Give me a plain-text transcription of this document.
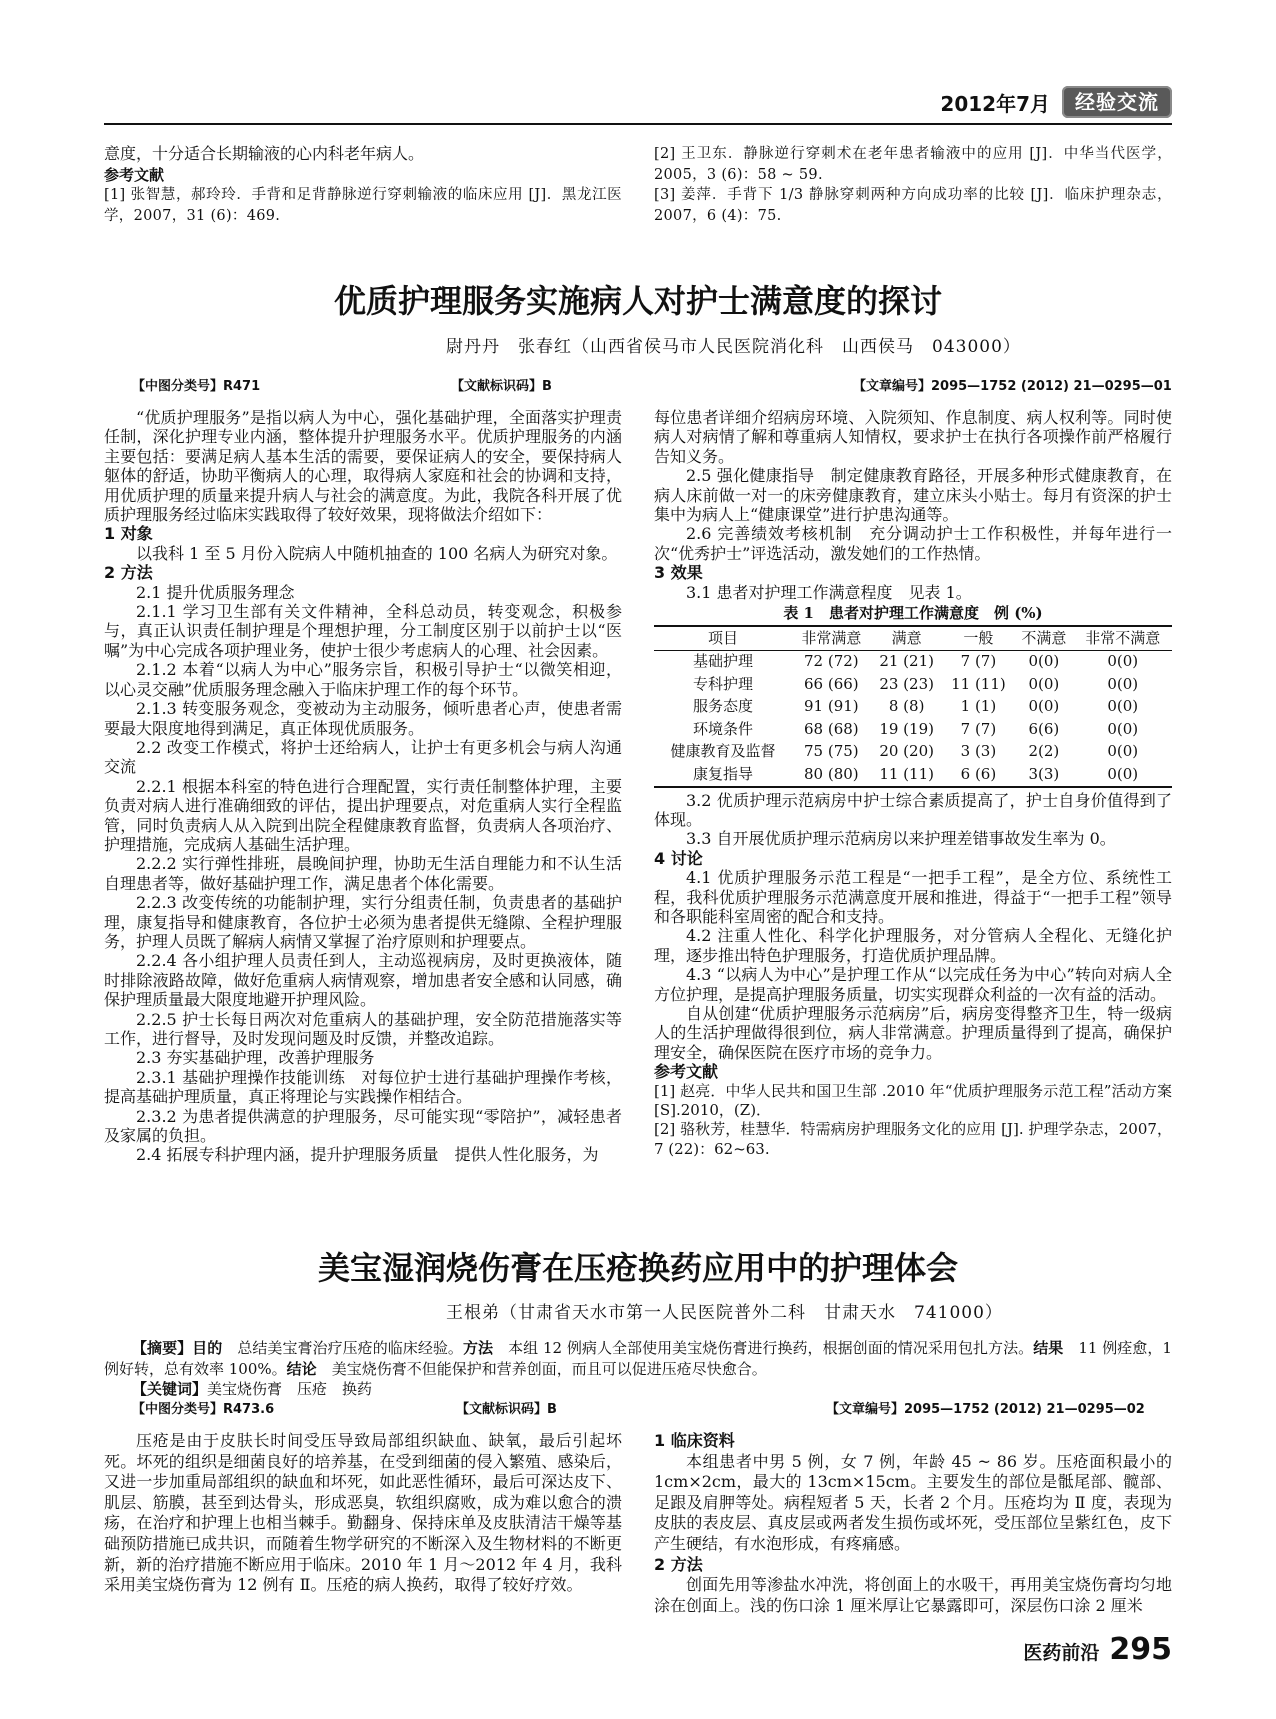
2012年7月	经验交流

意度，十分适合长期输液的心内科老年病人。

参考文献

[1] 张智慧，郝玲玲．手背和足背静脉逆行穿刺输液的临床应用 [J]．黑龙江医学，2007，31 (6)：469.

[2] 王卫东．静脉逆行穿刺术在老年患者输液中的应用 [J]．中华当代医学，2005，3 (6)：58 ~ 59.

[3] 姜萍．手背下 1/3 静脉穿刺两种方向成功率的比较 [J]．临床护理杂志，2007，6 (4)：75.

优质护理服务实施病人对护士满意度的探讨
尉丹丹　张春红（山西省侯马市人民医院消化科　山西侯马　043000）
【中图分类号】R471	【文献标识码】B	【文章编号】2095—1752 (2012) 21—0295—01

“优质护理服务”是指以病人为中心，强化基础护理，全面落实护理责任制，深化护理专业内涵，整体提升护理服务水平。优质护理服务的内涵主要包括：要满足病人基本生活的需要，要保证病人的安全，要保持病人躯体的舒适，协助平衡病人的心理，取得病人家庭和社会的协调和支持，用优质护理的质量来提升病人与社会的满意度。为此，我院各科开展了优质护理服务经过临床实践取得了较好效果，现将做法介绍如下：

1 对象

以我科 1 至 5 月份入院病人中随机抽查的 100 名病人为研究对象。

2 方法

2.1 提升优质服务理念

2.1.1 学习卫生部有关文件精神，全科总动员，转变观念，积极参与，真正认识责任制护理是个理想护理，分工制度区别于以前护士以“医嘱”为中心完成各项护理业务，使护士很少考虑病人的心理、社会因素。

2.1.2 本着“以病人为中心”服务宗旨，积极引导护士“以微笑相迎，以心灵交融”优质服务理念融入于临床护理工作的每个环节。

2.1.3 转变服务观念，变被动为主动服务，倾听患者心声，使患者需要最大限度地得到满足，真正体现优质服务。

2.2 改变工作模式，将护士还给病人，让护士有更多机会与病人沟通交流

2.2.1 根据本科室的特色进行合理配置，实行责任制整体护理，主要负责对病人进行准确细致的评估，提出护理要点，对危重病人实行全程监管，同时负责病人从入院到出院全程健康教育监督，负责病人各项治疗、护理措施，完成病人基础生活护理。

2.2.2 实行弹性排班，晨晚间护理，协助无生活自理能力和不认生活自理患者等，做好基础护理工作，满足患者个体化需要。

2.2.3 改变传统的功能制护理，实行分组责任制，负责患者的基础护理，康复指导和健康教育，各位护士必须为患者提供无缝隙、全程护理服务，护理人员既了解病人病情又掌握了治疗原则和护理要点。

2.2.4 各小组护理人员责任到人，主动巡视病房，及时更换液体，随时排除液路故障，做好危重病人病情观察，增加患者安全感和认同感，确保护理质量最大限度地避开护理风险。

2.2.5 护士长每日两次对危重病人的基础护理，安全防范措施落实等工作，进行督导，及时发现问题及时反馈，并整改追踪。

2.3 夯实基础护理，改善护理服务

2.3.1 基础护理操作技能训练　对每位护士进行基础护理操作考核，提高基础护理质量，真正将理论与实践操作相结合。

2.3.2 为患者提供满意的护理服务，尽可能实现“零陪护”，减轻患者及家属的负担。

2.4 拓展专科护理内涵，提升护理服务质量　提供人性化服务，为

每位患者详细介绍病房环境、入院须知、作息制度、病人权利等。同时使病人对病情了解和尊重病人知情权，要求护士在执行各项操作前严格履行告知义务。

2.5 强化健康指导　制定健康教育路径，开展多种形式健康教育，在病人床前做一对一的床旁健康教育，建立床头小贴士。每月有资深的护士集中为病人上“健康课堂”进行护患沟通等。

2.6 完善绩效考核机制　充分调动护士工作积极性，并每年进行一次“优秀护士”评选活动，激发她们的工作热情。

3 效果

3.1 患者对护理工作满意程度　见表 1。

表 1　患者对护理工作满意度　例 (%)

项目	非常满意	满意	一般	不满意	非常不满意
基础护理	72 (72)	21 (21)	7 (7)	0(0)	0(0)
专科护理	66 (66)	23 (23)	11 (11)	0(0)	0(0)
服务态度	91 (91)	8 (8)	1 (1)	0(0)	0(0)
环境条件	68 (68)	19 (19)	7 (7)	6(6)	0(0)
健康教育及监督	75 (75)	20 (20)	3 (3)	2(2)	0(0)
康复指导	80 (80)	11 (11)	6 (6)	3(3)	0(0)

3.2 优质护理示范病房中护士综合素质提高了，护士自身价值得到了体现。

3.3 自开展优质护理示范病房以来护理差错事故发生率为 0。

4 讨论

4.1 优质护理服务示范工程是“一把手工程”，是全方位、系统性工程，我科优质护理服务示范满意度开展和推进，得益于“一把手工程”领导和各职能科室周密的配合和支持。

4.2 注重人性化、科学化护理服务，对分管病人全程化、无缝化护理，逐步推出特色护理服务，打造优质护理品牌。

4.3 “以病人为中心”是护理工作从“以完成任务为中心”转向对病人全方位护理，是提高护理服务质量，切实实现群众利益的一次有益的活动。

自从创建“优质护理服务示范病房”后，病房变得整齐卫生，特一级病人的生活护理做得很到位，病人非常满意。护理质量得到了提高，确保护理安全，确保医院在医疗市场的竞争力。

参考文献

[1] 赵亮．中华人民共和国卫生部 .2010 年“优质护理服务示范工程”活动方案 [S].2010，(Z)．

[2] 骆秋芳，桂慧华．特需病房护理服务文化的应用 [J]. 护理学杂志，2007，7 (22)：62~63.

美宝湿润烧伤膏在压疮换药应用中的护理体会
王根弟（甘肃省天水市第一人民医院普外二科　甘肃天水　741000）

【摘要】目的　 总结美宝膏治疗压疮的临床经验。方法　 本组 12 例病人全部使用美宝烧伤膏进行换药，根据创面的情况采用包扎方法。结果　 11 例痊愈，1 例好转，总有效率 100%。结论　 美宝烧伤膏不但能保护和营养创面，而且可以促进压疮尽快愈合。

【关键词】美宝烧伤膏　压疮　换药

【中图分类号】R473.6	【文献标识码】B	【文章编号】2095—1752 (2012) 21—0295—02

压疮是由于皮肤长时间受压导致局部组织缺血、缺氧，最后引起坏死。坏死的组织是细菌良好的培养基，在受到细菌的侵入繁殖、感染后，又进一步加重局部组织的缺血和坏死，如此恶性循环，最后可深达皮下、肌层、筋膜，甚至到达骨头，形成恶臭，软组织腐败，成为难以愈合的溃疡，在治疗和护理上也相当棘手。勤翻身、保持床单及皮肤清洁干燥等基础预防措施已成共识，而随着生物学研究的不断深入及生物材料的不断更新，新的治疗措施不断应用于临床。2010 年 1 月～2012 年 4 月，我科采用美宝烧伤膏为 12 例有 Ⅱ。压疮的病人换药，取得了较好疗效。

1 临床资料

本组患者中男 5 例，女 7 例，年龄 45 ~ 86 岁。压疮面积最小的 1cm×2cm，最大的 13cm×15cm。主要发生的部位是骶尾部、髋部、足跟及肩胛等处。病程短者 5 天，长者 2 个月。压疮均为 Ⅱ 度，表现为皮肤的表皮层、真皮层或两者发生损伤或坏死，受压部位呈紫红色，皮下产生硬结，有水泡形成，有疼痛感。

2 方法

创面先用等渗盐水冲洗，将创面上的水吸干，再用美宝烧伤膏均匀地涂在创面上。浅的伤口涂 1 厘米厚让它暴露即可，深层伤口涂 2 厘米

医药前沿 295
